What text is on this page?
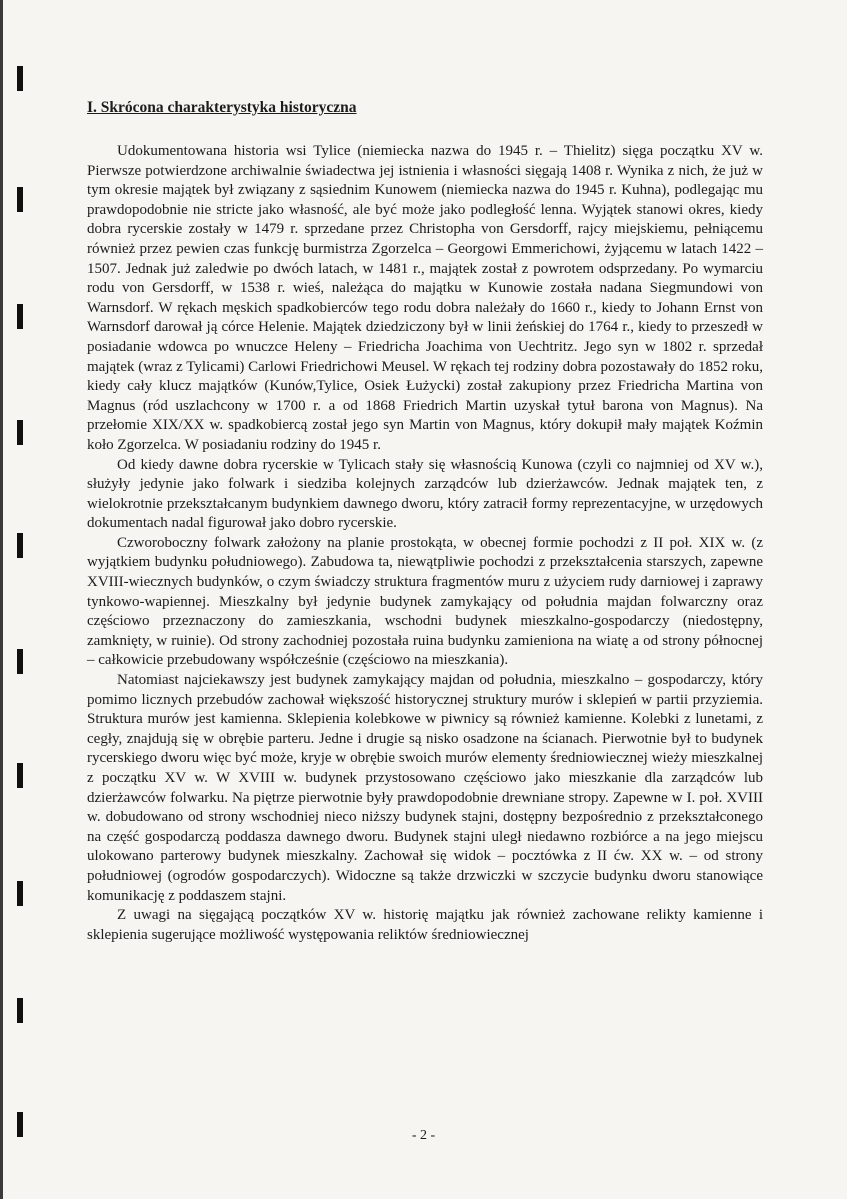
I. Skrócona charakterystyka historyczna

Udokumentowana historia wsi Tylice (niemiecka nazwa do 1945 r. – Thielitz) sięga początku XV w. Pierwsze potwierdzone archiwalnie świadectwa jej istnienia i własności sięgają 1408 r. Wynika z nich, że już w tym okresie majątek był związany z sąsiednim Kunowem (niemiecka nazwa do 1945 r. Kuhna), podlegając mu prawdopodobnie nie stricte jako własność, ale być może jako podległość lenna. Wyjątek stanowi okres, kiedy dobra rycerskie zostały w 1479 r. sprzedane przez Christopha von Gersdorff, rajcy miejskiemu, pełniącemu również przez pewien czas funkcję burmistrza Zgorzelca – Georgowi Emmerichowi, żyjącemu w latach 1422 – 1507. Jednak już zaledwie po dwóch latach, w 1481 r., majątek został z powrotem odsprzedany. Po wymarciu rodu von Gersdorff, w 1538 r. wieś, należąca do majątku w Kunowie została nadana Siegmundowi von Warnsdorf. W rękach męskich spadkobierców tego rodu dobra należały do 1660 r., kiedy to Johann Ernst von Warnsdorf darował ją córce Helenie. Majątek dziedziczony był w linii żeńskiej do 1764 r., kiedy to przeszedł w posiadanie wdowca po wnuczce Heleny – Friedricha Joachima von Uechtritz. Jego syn w 1802 r. sprzedał majątek (wraz z Tylicami) Carlowi Friedrichowi Meusel. W rękach tej rodziny dobra pozostawały do 1852 roku, kiedy cały klucz majątków (Kunów,Tylice, Osiek Łużycki) został zakupiony przez Friedricha Martina von Magnus (ród uszlachcony w 1700 r. a od 1868 Friedrich Martin uzyskał tytuł barona von Magnus). Na przełomie XIX/XX w. spadkobiercą został jego syn Martin von Magnus, który dokupił mały majątek Koźmin koło Zgorzelca. W posiadaniu rodziny do 1945 r.

Od kiedy dawne dobra rycerskie w Tylicach stały się własnością Kunowa (czyli co najmniej od XV w.), służyły jedynie jako folwark i siedziba kolejnych zarządców lub dzierżawców. Jednak majątek ten, z wielokrotnie przekształcanym budynkiem dawnego dworu, który zatracił formy reprezentacyjne, w urzędowych dokumentach nadal figurował jako dobro rycerskie.

Czworoboczny folwark założony na planie prostokąta, w obecnej formie pochodzi z II poł. XIX w. (z wyjątkiem budynku południowego). Zabudowa ta, niewątpliwie pochodzi z przekształcenia starszych, zapewne XVIII-wiecznych budynków, o czym świadczy struktura fragmentów muru z użyciem rudy darniowej i zaprawy tynkowo-wapiennej. Mieszkalny był jedynie budynek zamykający od południa majdan folwarczny oraz częściowo przeznaczony do zamieszkania, wschodni budynek mieszkalno-gospodarczy (niedostępny, zamknięty, w ruinie). Od strony zachodniej pozostała ruina budynku zamieniona na wiatę a od strony północnej – całkowicie przebudowany współcześnie (częściowo na mieszkania).

Natomiast najciekawszy jest budynek zamykający majdan od południa, mieszkalno – gospodarczy, który pomimo licznych przebudów zachował większość historycznej struktury murów i sklepień w partii przyziemia. Struktura murów jest kamienna. Sklepienia kolebkowe w piwnicy są również kamienne. Kolebki z lunetami, z cegły, znajdują się w obrębie parteru. Jedne i drugie są nisko osadzone na ścianach. Pierwotnie był to budynek rycerskiego dworu więc być może, kryje w obrębie swoich murów elementy średniowiecznej wieży mieszkalnej z początku XV w. W XVIII w. budynek przystosowano częściowo jako mieszkanie dla zarządców lub dzierżawców folwarku. Na piętrze pierwotnie były prawdopodobnie drewniane stropy. Zapewne w I. poł. XVIII w. dobudowano od strony wschodniej nieco niższy budynek stajni, dostępny bezpośrednio z przekształconego na część gospodarczą poddasza dawnego dworu. Budynek stajni uległ niedawno rozbiórce a na jego miejscu ulokowano parterowy budynek mieszkalny. Zachował się widok – pocztówka z II ćw. XX w. – od strony południowej (ogrodów gospodarczych). Widoczne są także drzwiczki w szczycie budynku dworu stanowiące komunikację z poddaszem stajni.

Z uwagi na sięgającą początków XV w. historię majątku jak również zachowane relikty kamienne i sklepienia sugerujące możliwość występowania reliktów średniowiecznej

- 2 -
